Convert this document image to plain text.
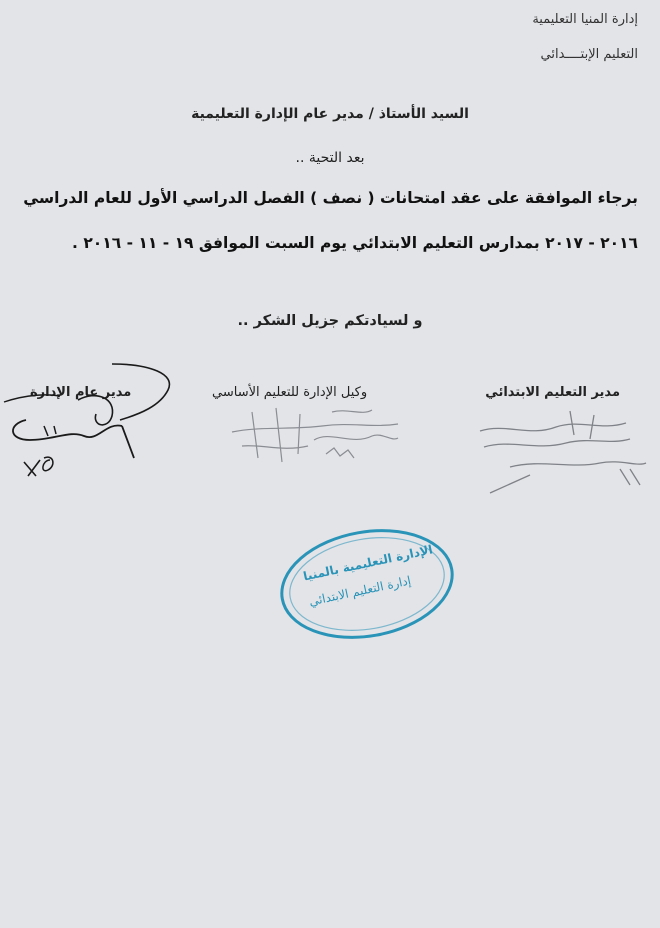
إدارة المنيا التعليمية
التعليم الإبتــــدائي
السيد الأستاذ / مدير عام الإدارة التعليمية
بعد التحية ..
برجاء الموافقة على عقد امتحانات ( نصف ) الفصل الدراسي الأول للعام الدراسي
٢٠١٦ - ٢٠١٧ بمدارس التعليم الابتدائي يوم السبت الموافق ١٩ - ١١ - ٢٠١٦ .
و لسيادتكم جزيل الشكر ..
مدير التعليم الابتدائي
وكيل الإدارة للتعليم الأساسي
مدير عام الإدارة
الإدارة التعليمية بالمنيا
إدارة التعليم الابتدائي
